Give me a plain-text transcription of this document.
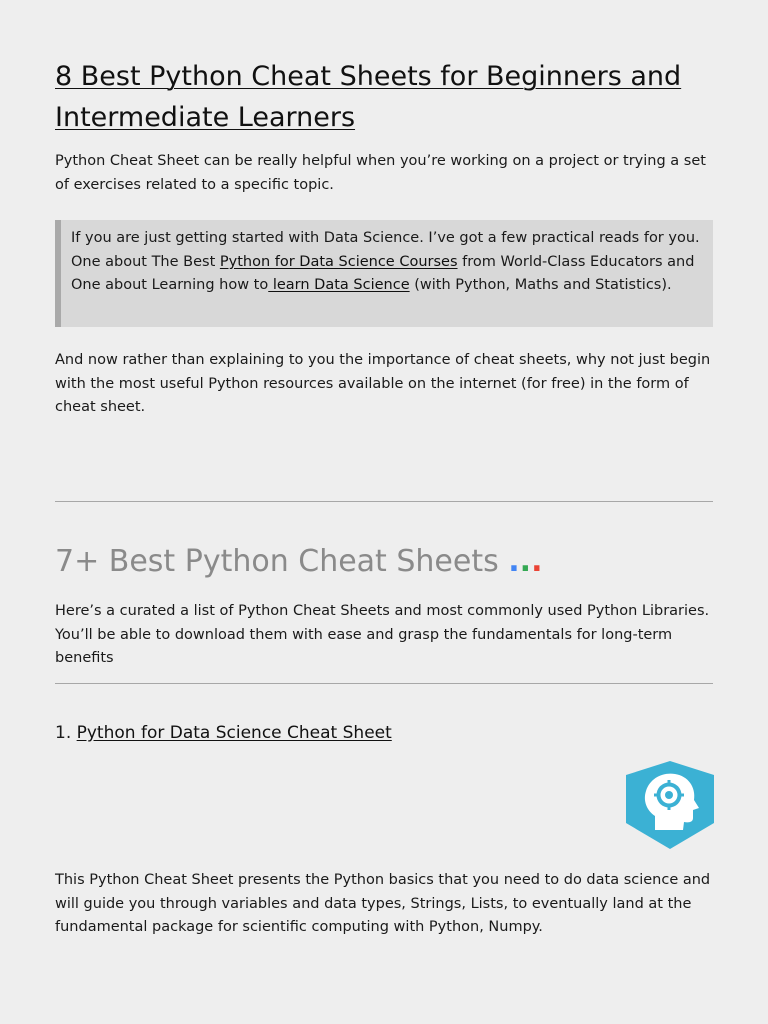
8 Best Python Cheat Sheets for Beginners and Intermediate Learners

Python Cheat Sheet can be really helpful when you’re working on a project or trying a set of exercises related to a specific topic.

If you are just getting started with Data Science. I’ve got a few practical reads for you. One about The Best Python for Data Science Courses from World-Class Educators and One about Learning how to learn Data Science (with Python, Maths and Statistics).

And now rather than explaining to you the importance of cheat sheets, why not just begin with the most useful Python resources available on the internet (for free) in the form of cheat sheet.

7+ Best Python Cheat Sheets ...

Here’s a curated a list of Python Cheat Sheets and most commonly used Python Libraries. You’ll be able to download them with ease and grasp the fundamentals for long-term benefits

1. Python for Data Science Cheat Sheet

This Python Cheat Sheet presents the Python basics that you need to do data science and will guide you through variables and data types, Strings, Lists, to eventually land at the fundamental package for scientific computing with Python, Numpy.
